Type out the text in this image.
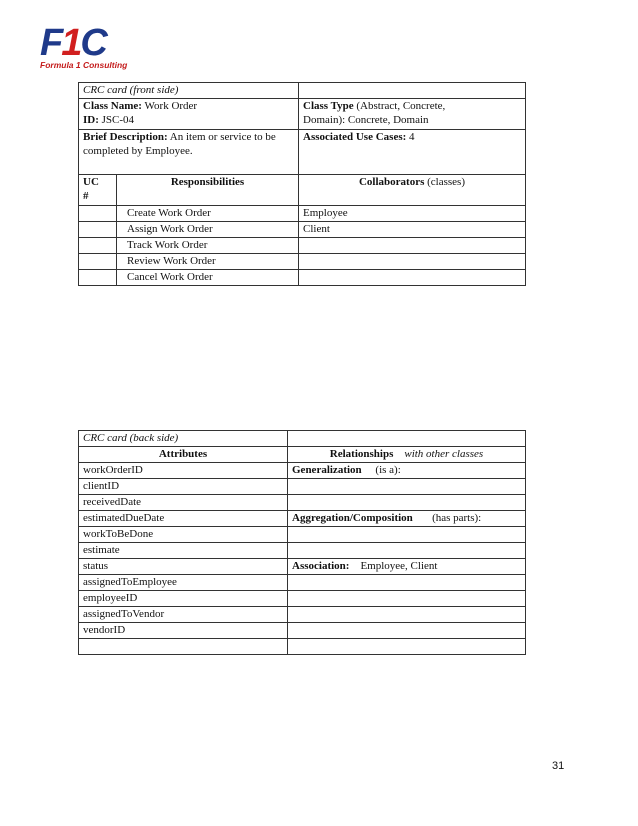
F1C
Formula 1 Consulting
CRC card (front side)		
Class Name: Work Order
ID: JSC-04		Class Type (Abstract, Concrete,
Domain): Concrete, Domain
Brief Description: An item or service to be completed by Employee.		Associated Use Cases: 4
UC
#	Responsibilities	Collaborators (classes)
	Create Work Order	Employee
	Assign Work Order	Client
	Track Work Order	
	Review Work Order	
	Cancel Work Order	
CRC card (back side)	
Attributes	Relationships with other classes
workOrderID	Generalization (is a):
clientID	
receivedDate	
estimatedDueDate	Aggregation/Composition (has parts):
workToBeDone	
estimate	
status	Association: Employee, Client
assignedToEmployee	
employeeID	
assignedToVendor	
vendorID	

31
